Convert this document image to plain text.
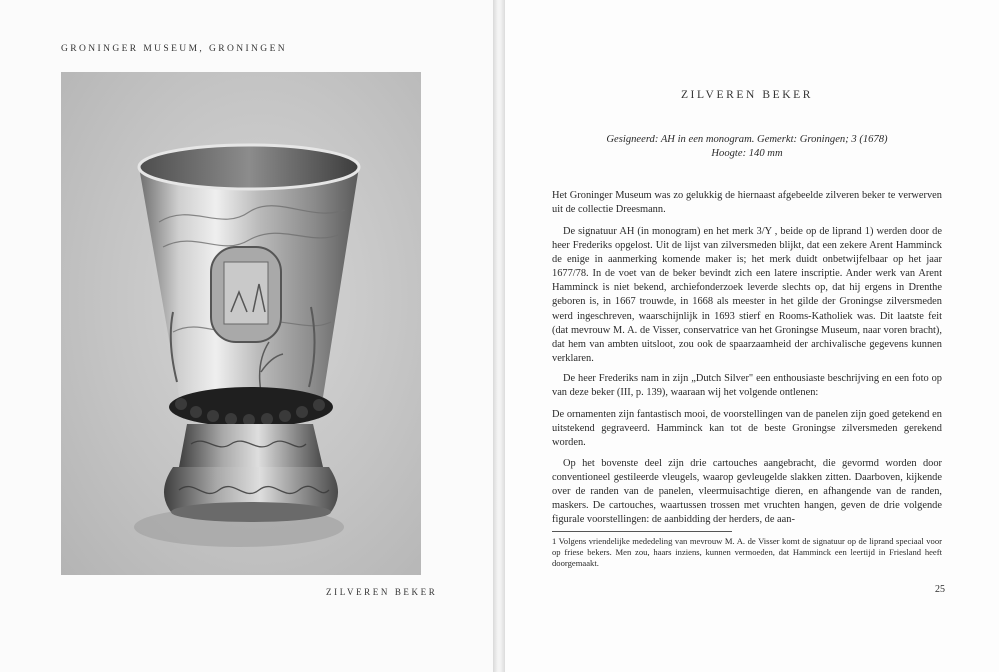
GRONINGER MUSEUM, GRONINGEN
ZILVEREN BEKER
ZILVEREN BEKER
Gesigneerd: AH in een monogram. Gemerkt: Groningen; 3 (1678)
Hoogte: 140 mm
Het Groninger Museum was zo gelukkig de hiernaast afgebeelde zilveren beker te verwerven uit de collectie Dreesmann.
De signatuur AH (in monogram) en het merk 3/Y , beide op de liprand 1) werden door de heer Frederiks opgelost. Uit de lijst van zilversmeden blijkt, dat een zekere Arent Hamminck de enige in aanmerking komende maker is; het merk duidt onbetwijfelbaar op het jaar 1677/78. In de voet van de beker bevindt zich een latere inscriptie. Ander werk van Arent Hamminck is niet bekend, archiefonderzoek leverde slechts op, dat hij ergens in Drenthe geboren is, in 1667 trouwde, in 1668 als meester in het gilde der Groningse zilversmeden werd ingeschreven, waarschijnlijk in 1693 stierf en Rooms-Katholiek was. Dit laatste feit (dat mevrouw M. A. de Visser, conservatrice van het Groningse Museum, naar voren bracht), dat hem van ambten uitsloot, zou ook de spaarzaamheid der archivalische gegevens kunnen verklaren.
De heer Frederiks nam in zijn „Dutch Silver" een enthousiaste beschrijving en een foto op van deze beker (III, p. 139), waaraan wij het volgende ontlenen:
De ornamenten zijn fantastisch mooi, de voorstellingen van de panelen zijn goed getekend en uitstekend gegraveerd. Hamminck kan tot de beste Groningse zilversmeden gerekend worden.
Op het bovenste deel zijn drie cartouches aangebracht, die gevormd worden door conventioneel gestileerde vleugels, waarop gevleugelde slakken zitten. Daarboven, kijkende over de randen van de panelen, vleermuisachtige dieren, en afhangende van de randen, maskers. De cartouches, waartussen trossen met vruchten hangen, geven de drie volgende figurale voorstellingen: de aanbidding der herders, de aan-
1 Volgens vriendelijke mededeling van mevrouw M. A. de Visser komt de signatuur op de liprand speciaal voor op friese bekers. Men zou, haars inziens, kunnen vermoeden, dat Hamminck een leertijd in Friesland heeft doorgemaakt.
25
